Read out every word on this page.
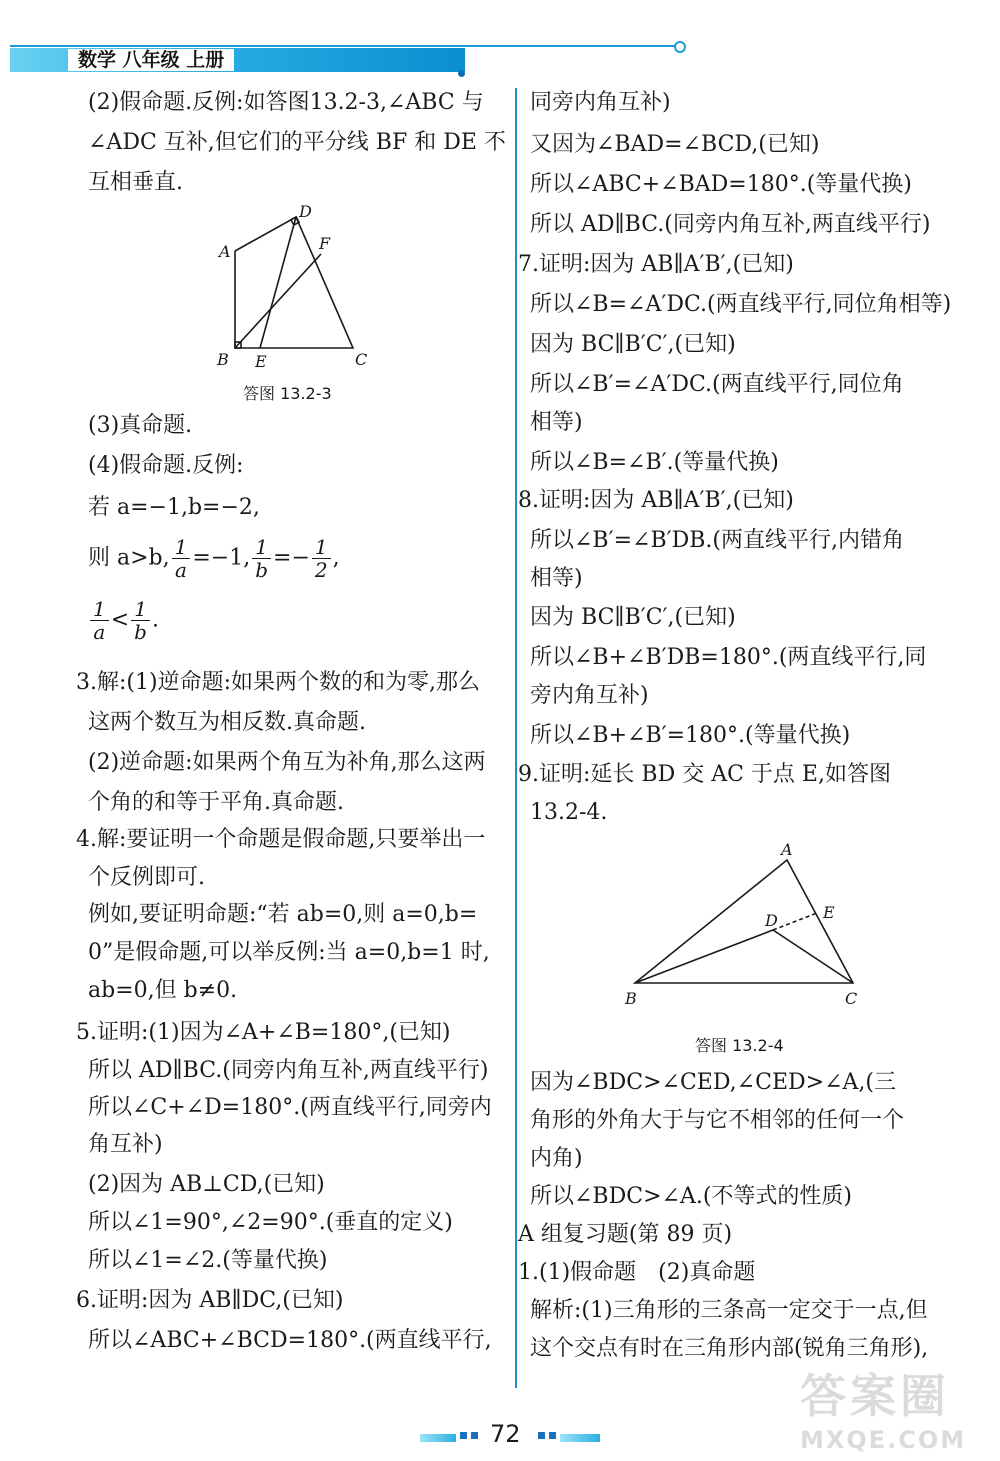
数学 八年级 上册
A
D
F
B E	C
答图 13.2-3
则 a>b, $\frac{1}{a} =-1$, $\frac{1}{b} =- \frac{1}{2}$ ,
$\frac{1}{a} < \frac{1}{b}$ .
(2)假命题.反例:如答图13.2-3,∠ABC 与
∠ADC 互补,但它们的平分线 BF 和 DE 不
互相垂直.
(3)真命题.
(4)假命题.反例:
若 a=−1,b=−2,
3.解:(1)逆命题:如果两个数的和为零,那么
这两个数互为相反数.真命题.
(2)逆命题:如果两个角互为补角,那么这两
个角的和等于平角.真命题.
4.解:要证明一个命题是假命题,只要举出一
个反例即可.
例如,要证明命题:“若 ab=0,则 a=0,b=
0”是假命题,可以举反例:当 a=0,b=1 时,
ab=0,但 b≠0.
5.证明:(1)因为∠A+∠B=180°,(已知)
所以 AD∥BC.(同旁内角互补,两直线平行)
所以∠C+∠D=180°.(两直线平行,同旁内
角互补)
(2)因为 AB⊥CD,(已知)
所以∠1=90°,∠2=90°.(垂直的定义)
所以∠1=∠2.(等量代换)
6.证明:因为 AB∥DC,(已知)
所以∠ABC+∠BCD=180°.(两直线平行,
A
E
D
B	C
答图 13.2-4
同旁内角互补)
又因为∠BAD=∠BCD,(已知)
所以∠ABC+∠BAD=180°.(等量代换)
所以 AD∥BC.(同旁内角互补,两直线平行)
7.证明:因为 AB∥A′B′,(已知)
所以∠B=∠A′DC.(两直线平行,同位角相等)
因为 BC∥B′C′,(已知)
所以∠B′=∠A′DC.(两直线平行,同位角
相等)
所以∠B=∠B′.(等量代换)
8.证明:因为 AB∥A′B′,(已知)
所以∠B′=∠B′DB.(两直线平行,内错角
相等)
因为 BC∥B′C′,(已知)
所以∠B+∠B′DB=180°.(两直线平行,同
旁内角互补)
所以∠B+∠B′=180°.(等量代换)
9.证明:延长 BD 交 AC 于点 E,如答图
13.2-4.
因为∠BDC>∠CED,∠CED>∠A,(三
角形的外角大于与它不相邻的任何一个
内角)
所以∠BDC>∠A.(不等式的性质)
A 组复习题(第 89 页)
1.(1)假命题　(2)真命题
解析:(1)三角形的三条高一定交于一点,但
这个交点有时在三角形内部(锐角三角形),
72
答案圈
MXQE.COM
